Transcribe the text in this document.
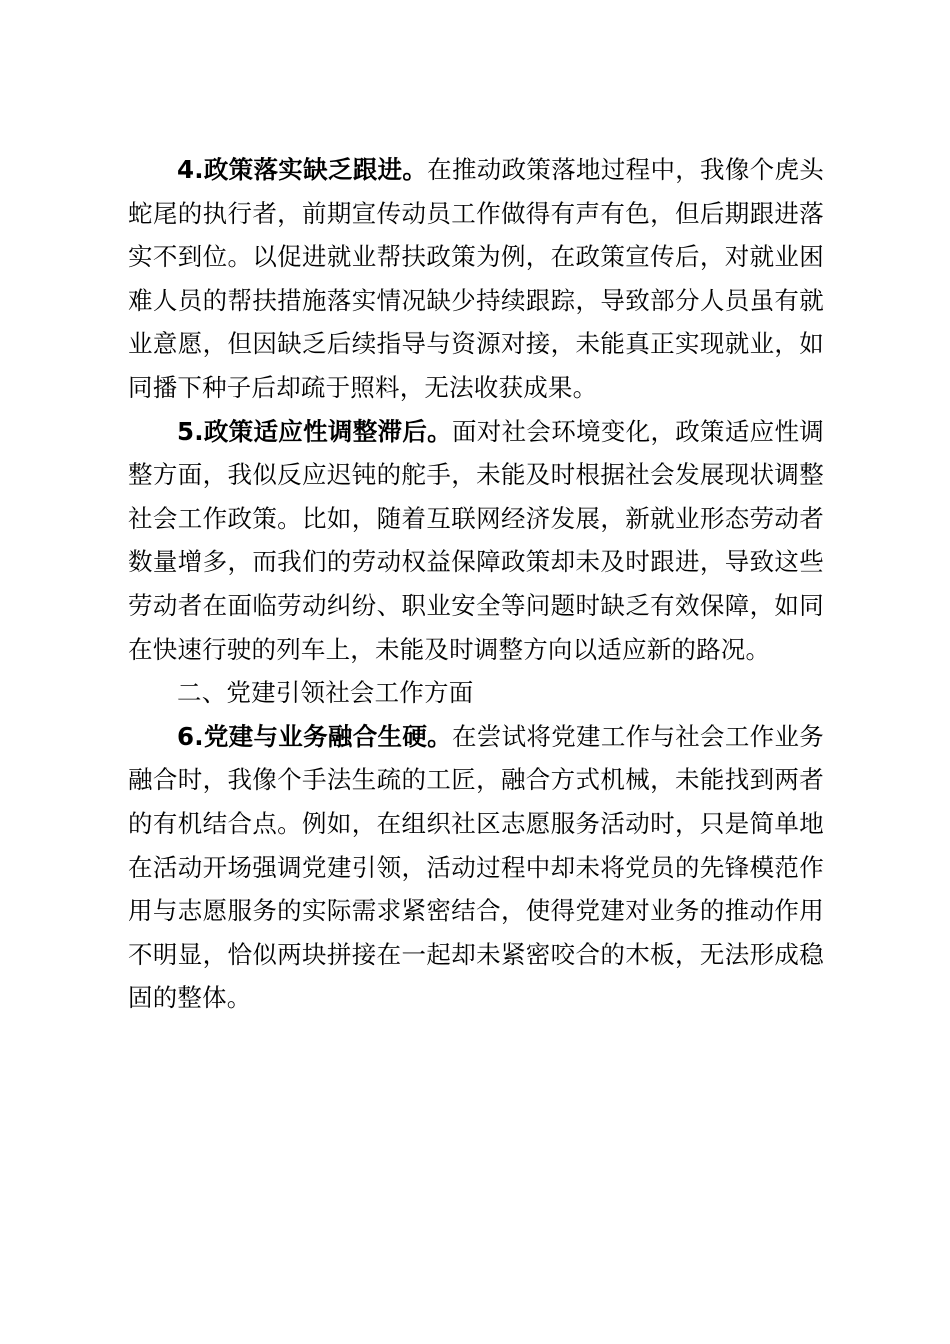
4.政策落实缺乏跟进。在推动政策落地过程中，我像个虎头蛇尾的执行者，前期宣传动员工作做得有声有色，但后期跟进落实不到位。以促进就业帮扶政策为例，在政策宣传后，对就业困难人员的帮扶措施落实情况缺少持续跟踪，导致部分人员虽有就业意愿，但因缺乏后续指导与资源对接，未能真正实现就业，如同播下种子后却疏于照料，无法收获成果。

5.政策适应性调整滞后。面对社会环境变化，政策适应性调整方面，我似反应迟钝的舵手，未能及时根据社会发展现状调整社会工作政策。比如，随着互联网经济发展，新就业形态劳动者数量增多，而我们的劳动权益保障政策却未及时跟进，导致这些劳动者在面临劳动纠纷、职业安全等问题时缺乏有效保障，如同在快速行驶的列车上，未能及时调整方向以适应新的路况。

二、党建引领社会工作方面

6.党建与业务融合生硬。在尝试将党建工作与社会工作业务融合时，我像个手法生疏的工匠，融合方式机械，未能找到两者的有机结合点。例如，在组织社区志愿服务活动时，只是简单地在活动开场强调党建引领，活动过程中却未将党员的先锋模范作用与志愿服务的实际需求紧密结合，使得党建对业务的推动作用不明显，恰似两块拼接在一起却未紧密咬合的木板，无法形成稳固的整体。
